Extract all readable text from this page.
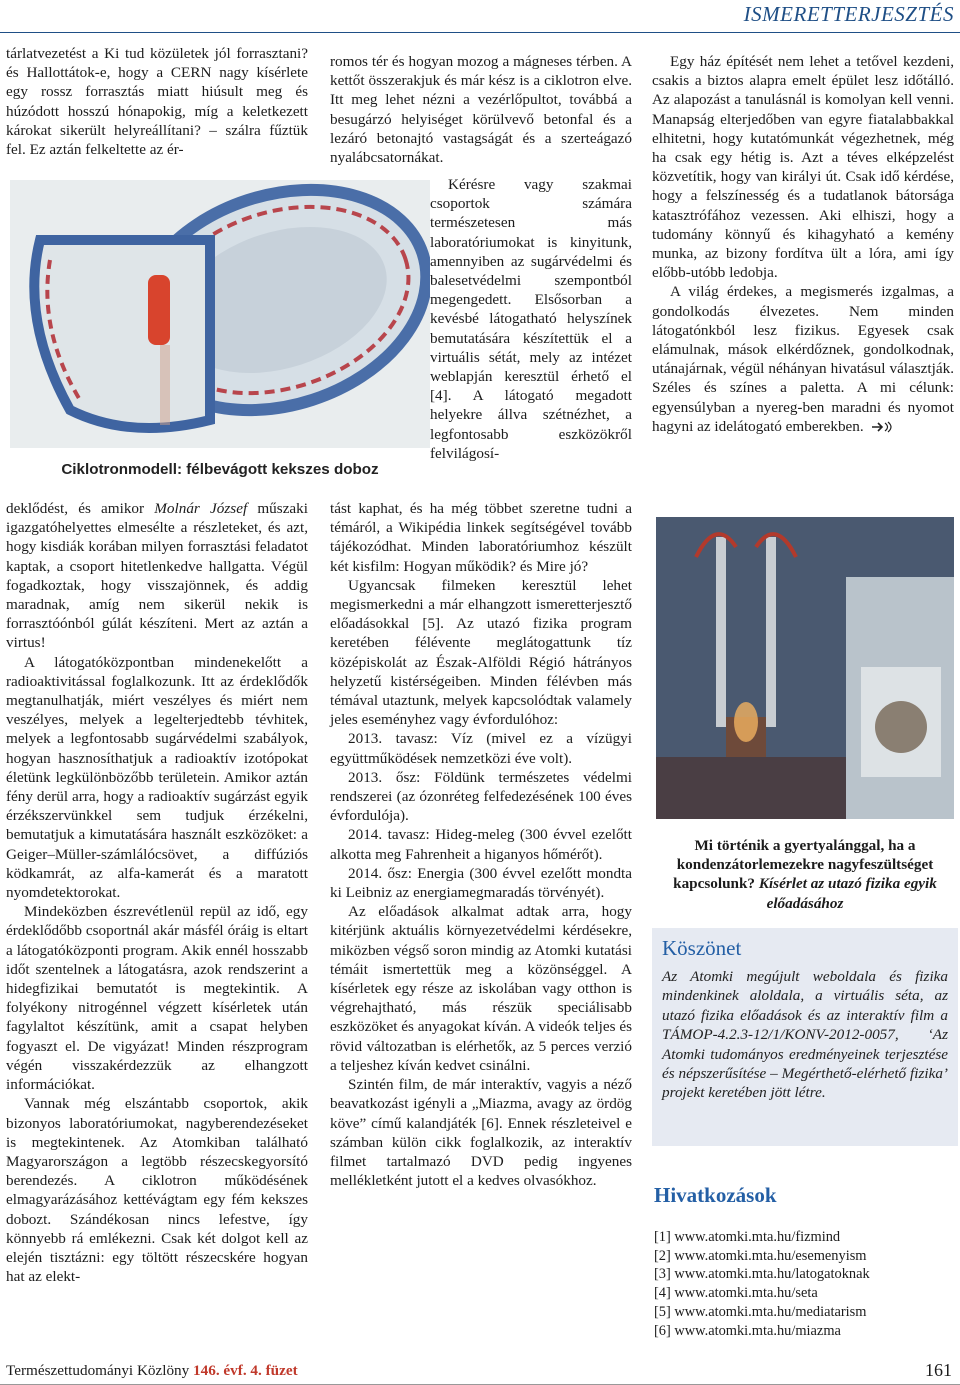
ISMERETTERJESZTÉS

tárlatvezetést a Ki tud közületek jól forrasztani? és Hallottátok-e, hogy a CERN nagy kísérlete egy rossz forrasztás miatt hiúsult meg és húzódott hosszú hónapokig, míg a keletkezett károkat sikerült helyreállítani? – szálra fűztük fel. Ez aztán felkeltette az ér-

Ciklotronmodell: félbevágott kekszes doboz

deklődést, és amikor Molnár József műszaki igazgatóhelyettes elmesélte a részleteket, és azt, hogy kisdiák korában milyen forrasztási feladatot kaptak, a csoport hitetlenkedve hallgatta. Végül fogadkoztak, hogy visszajönnek, és addig maradnak, amíg nem sikerül nekik is forrasztóónból gúlát készíteni. Mert az aztán a virtus!

A látogatóközpontban mindenekelőtt a radioaktivitással foglalkozunk. Itt az érdeklődők megtanulhatják, miért veszélyes és miért nem veszélyes, melyek a legelterjedtebb tévhitek, melyek a legfontosabb sugárvédelmi szabályok, hogyan hasznosíthatjuk a radioaktív izotópokat életünk legkülönbözőbb területein. Amikor aztán fény derül arra, hogy a radioaktív sugárzást egyik érzékszervünkkel sem tudjuk érzékelni, bemutatjuk a kimutatására használt eszközöket: a Geiger–Müller-számlálócsövet, a diffúziós ködkamrát, az alfa-kamerát és a maratott nyomdetektorokat.

Mindeközben észrevétlenül repül az idő, egy érdeklődőbb csoportnál akár másfél óráig is eltart a látogatóközponti program. Akik ennél hosszabb időt szentelnek a látogatásra, azok rendszerint a hidegfizikai bemutatót is megtekintik. A folyékony nitrogénnel végzett kísérletek után fagylaltot készítünk, amit a csapat helyben fogyaszt el. De vigyázat! Minden részprogram végén visszakérdezzük az elhangzott információkat.

Vannak még elszántabb csoportok, akik bizonyos laboratóriumokat, nagyberendezéseket is megtekintenek. Az Atomkiban található Magyarországon a legtöbb részecskegyorsító berendezés. A ciklotron működésének elmagyarázásához kettévágtam egy fém kekszes dobozt. Szándékosan nincs lefestve, így könnyebb rá emlékezni. Csak két dolgot kell az elején tisztázni: egy töltött részecskére hogyan hat az elekt-

romos tér és hogyan mozog a mágneses térben. A kettőt összerakjuk és már kész is a ciklotron elve. Itt meg lehet nézni a vezérlőpultot, továbbá a besugárzó helyiséget körülvevő betonfal és a lezáró betonajtó vastagságát és a szerteágazó nyalábcsatornákat.

Kérésre vagy szakmai csoportok számára természetesen más laboratóriumokat is kinyitunk, amennyiben az sugárvédelmi és balesetvédelmi szempontból megengedett. Elsősorban a kevésbé látogatható helyszínek bemutatására készítettük el a virtuális sétát, mely az intézet weblapján keresztül érhető el [4]. A látogató megadott helyekre állva szétnézhet, a legfontosabb eszközökről felvilágosí-

tást kaphat, és ha még többet szeretne tudni a témáról, a Wikipédia linkek segítségével tovább tájékozódhat. Minden laboratóriumhoz készült két kisfilm: Hogyan működik? és Mire jó?

Ugyancsak filmeken keresztül lehet megismerkedni a már elhangzott ismeretterjesztő előadásokkal [5]. Az utazó fizika program keretében félévente meglátogattunk tíz középiskolát az Észak-Alföldi Régió hátrányos helyzetű kistérségeiben. Minden félévben más témával utaztunk, melyek kapcsolódtak valamely jeles eseményhez vagy évfordulóhoz:

2013. tavasz: Víz (mivel ez a vízügyi együttműködések nemzetközi éve volt).

2013. ősz: Földünk természetes védelmi rendszerei (az ózonréteg felfedezésének 100 éves évfordulója).

2014. tavasz: Hideg-meleg (300 évvel ezelőtt alkotta meg Fahrenheit a higanyos hőmérőt).

2014. ősz: Energia (300 évvel ezelőtt mondta ki Leibniz az energiamegmaradás törvényét).

Az előadások alkalmat adtak arra, hogy kitérjünk aktuális környezetvédelmi kérdésekre, miközben végső soron mindig az Atomki kutatási témáit ismertettük meg a közönséggel. A kísérletek egy része az iskolában vagy otthon is végrehajtható, más részük speciálisabb eszközöket és anyagokat kíván. A videók teljes és rövid változatban is elérhetők, az 5 perces verzió a teljeshez kíván kedvet csinálni.

Szintén film, de már interaktív, vagyis a néző beavatkozást igényli a „Miazma, avagy az ördög köve” című kalandjáték [6]. Ennek részleteivel e számban külön cikk foglalkozik, az interaktív filmet tartalmazó DVD pedig ingyenes mellékletként jutott el a kedves olvasókhoz.

Egy ház építését nem lehet a tetővel kezdeni, csakis a biztos alapra emelt épület lesz időtálló. Az alapozást a tanulásnál is komolyan kell venni. Manapság elterjedőben van egyre fiatalabbakkal elhitetni, hogy kutatómunkát végezhetnek, még ha csak egy hétig is. Azt a téves elképzelést közvetítik, hogy van királyi út. Csak idő kérdése, hogy a felszínesség és a tudatlanok bátorsága katasztrófához vezessen. Aki elhiszi, hogy a tudomány könnyű és kihagyható a kemény munka, az bizony fordítva ült a lóra, ami így előbb-utóbb ledobja.

A világ érdekes, a megismerés izgalmas, a gondolkodás élvezetes. Nem minden látogatónkból lesz fizikus. Egyesek csak elámulnak, mások elkérdőznek, gondolkodnak, utánajárnak, végül néhányan hivatásul választják. Széles és színes a paletta. A mi célunk: egyensúlyban a nyereg-ben maradni és nyomot hagyni az idelátogató emberekben.

Mi történik a gyertyalánggal, ha a kondenzátorlemezekre nagyfeszültséget kapcsolunk? Kísérlet az utazó fizika egyik előadásához
Köszönet
Az Atomki megújult weboldala és fizika mindenkinek aloldala, a virtuális séta, az utazó fizika előadások és az interaktív film a TÁMOP-4.2.3-12/1/KONV-2012-0057, ‘Az Atomki tudományos eredményeinek terjesztése és népszerűsítése – Megérthető-elérhető fizika’ projekt keretében jött létre.
Hivatkozások
[1] www.atomki.mta.hu/fizmind
[2] www.atomki.mta.hu/esemenyism
[3] www.atomki.mta.hu/latogatoknak
[4] www.atomki.mta.hu/seta
[5] www.atomki.mta.hu/mediatarism
[6] www.atomki.mta.hu/miazma
Természettudományi Közlöny 146. évf. 4. füzet	161
